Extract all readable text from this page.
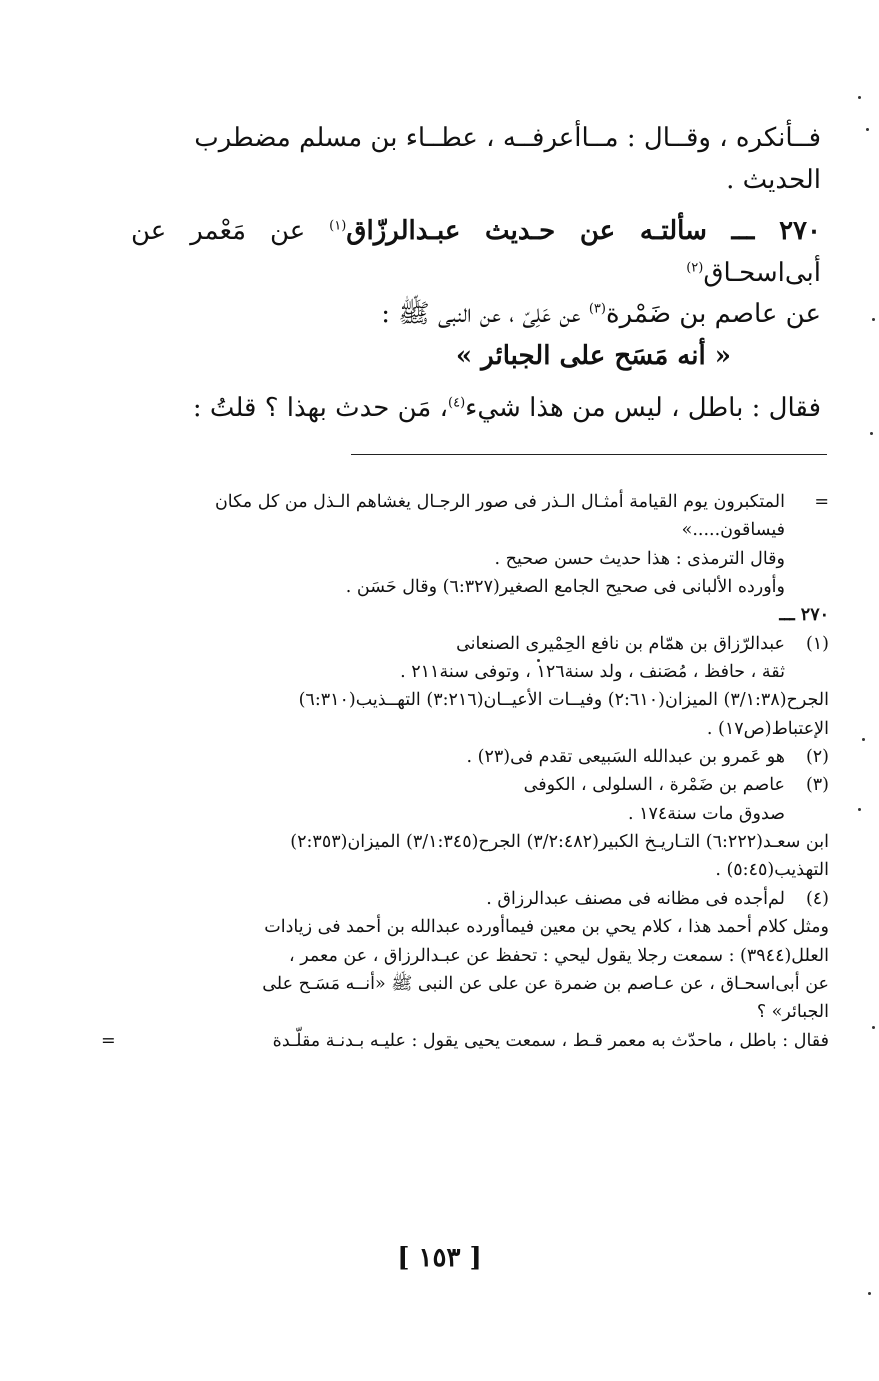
فــأنكره ، وقــال : مــاأعرفــه ، عطــاء بن مسلم مضطرب
الحديث .

٢٧٠ ـــ سألتـه عن حـديث عبـدالرزّاق$^{(١)}$ عن مَعْمر عن أبى‌اسحـاق$^{(٢)}$
عن عاصم بن ضَمْرة$^{(٣)}$ عن عَلِىّ ، عن النبى ﷺ :
« أنه مَسَح على الجبائر »

فقال : باطل ، ليس من هذا شيء$^{(٤)}$، مَن حدث بهذا ؟ قلتُ :

=
المتكبرون يوم القيامة أمثـال الـذر فى صور الرجـال يغشاهم الـذل من كل مكان
فيساقون.....»
وقال الترمذى : هذا حديث حسن صحيح .
وأورده الألبانى فى صحيح الجامع الصغير(٦:٣٢٧) وقال حَسَن .
٢٧٠ ـــ
(١)
عبدالرّزاق بن همّام بن نافع الحِمْيرى الصنعانى
ثقة ، حافظ ، مُصَنف ، ولد سنة١٢٦ ، وتوفى سنة٢١١ .
الجرح(٣/١:٣٨) الميزان(٢:٦١٠) وفيــات الأعيــان(٣:٢١٦) التهــذيب(٦:٣١٠)
الإعتباط(ص١٧) .
(٢)
هو عَمرو بن عبدالله السَبيعى تقدم فى(٢٣) .
(٣)
عاصم بن ضَمْرة ، السلولى ، الكوفى
صدوق مات سنة١٧٤ .
ابن سعـد(٦:٢٢٢) التـاريـخ الكبير(٣/٢:٤٨٢) الجرح(٣/١:٣٤٥) الميزان(٢:٣٥٣)
التهذيب(٥:٤٥) .
(٤)
لم‌أجده فى مظانه فى مصنف عبدالرزاق .
ومثل كلام أحمد هذا ، كلام يحي بن معين فيماأورده عبدالله بن أحمد فى زيادات
العلل(٣٩٤٤) : سمعت رجلا يقول ليحي : تحفظ عن عبـدالرزاق ، عن معمر ،
عن أبى‌اسحـاق ، عن عـاصم بن ضمرة عن على عن النبى ﷺ «أنــه مَسَـح على
الجبائر» ؟
فقال : باطل ، ماحدّث به معمر قـط ، سمعت يحيى يقول : عليـه بـدنـة مقلّـدة
=
[ ١٥٣ ]
